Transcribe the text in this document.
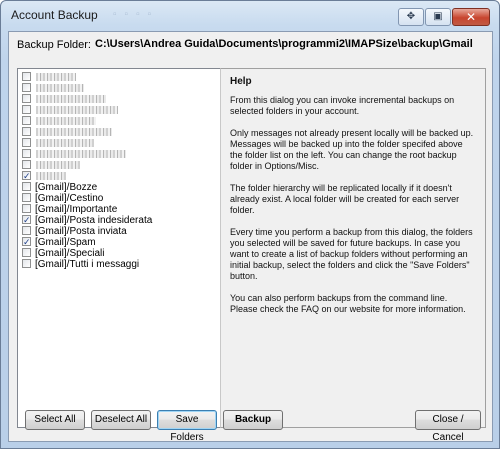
Account Backup ▫▫▫▫	✥	▣	✕
Backup Folder: C:\Users\Andrea Guida\Documents\programmi2\IMAPSize\backup\Gmail
✓
[Gmail]/Bozze
[Gmail]/Cestino
[Gmail]/Importante
✓ [Gmail]/Posta indesiderata
[Gmail]/Posta inviata
✓ [Gmail]/Spam
[Gmail]/Speciali
[Gmail]/Tutti i messaggi
Help
From this dialog you can invoke incremental backups on selected folders in your account.
Only messages not already present locally will be backed up. Messages will be backed up into the folder specifed above the folder list on the left. You can change the root backup folder in Options/Misc.
The folder hierarchy will be replicated locally if it doesn't already exist. A local folder will be created for each server folder.
Every time you perform a backup from this dialog, the folders you selected will be saved for future backups. In case you want to create a list of backup folders without performing an initial backup, select the folders and click the "Save Folders" button.
You can also perform backups from the command line. Please check the FAQ on our website for more information.
Select All	Deselect All	Save Folders
Backup	Close / Cancel
